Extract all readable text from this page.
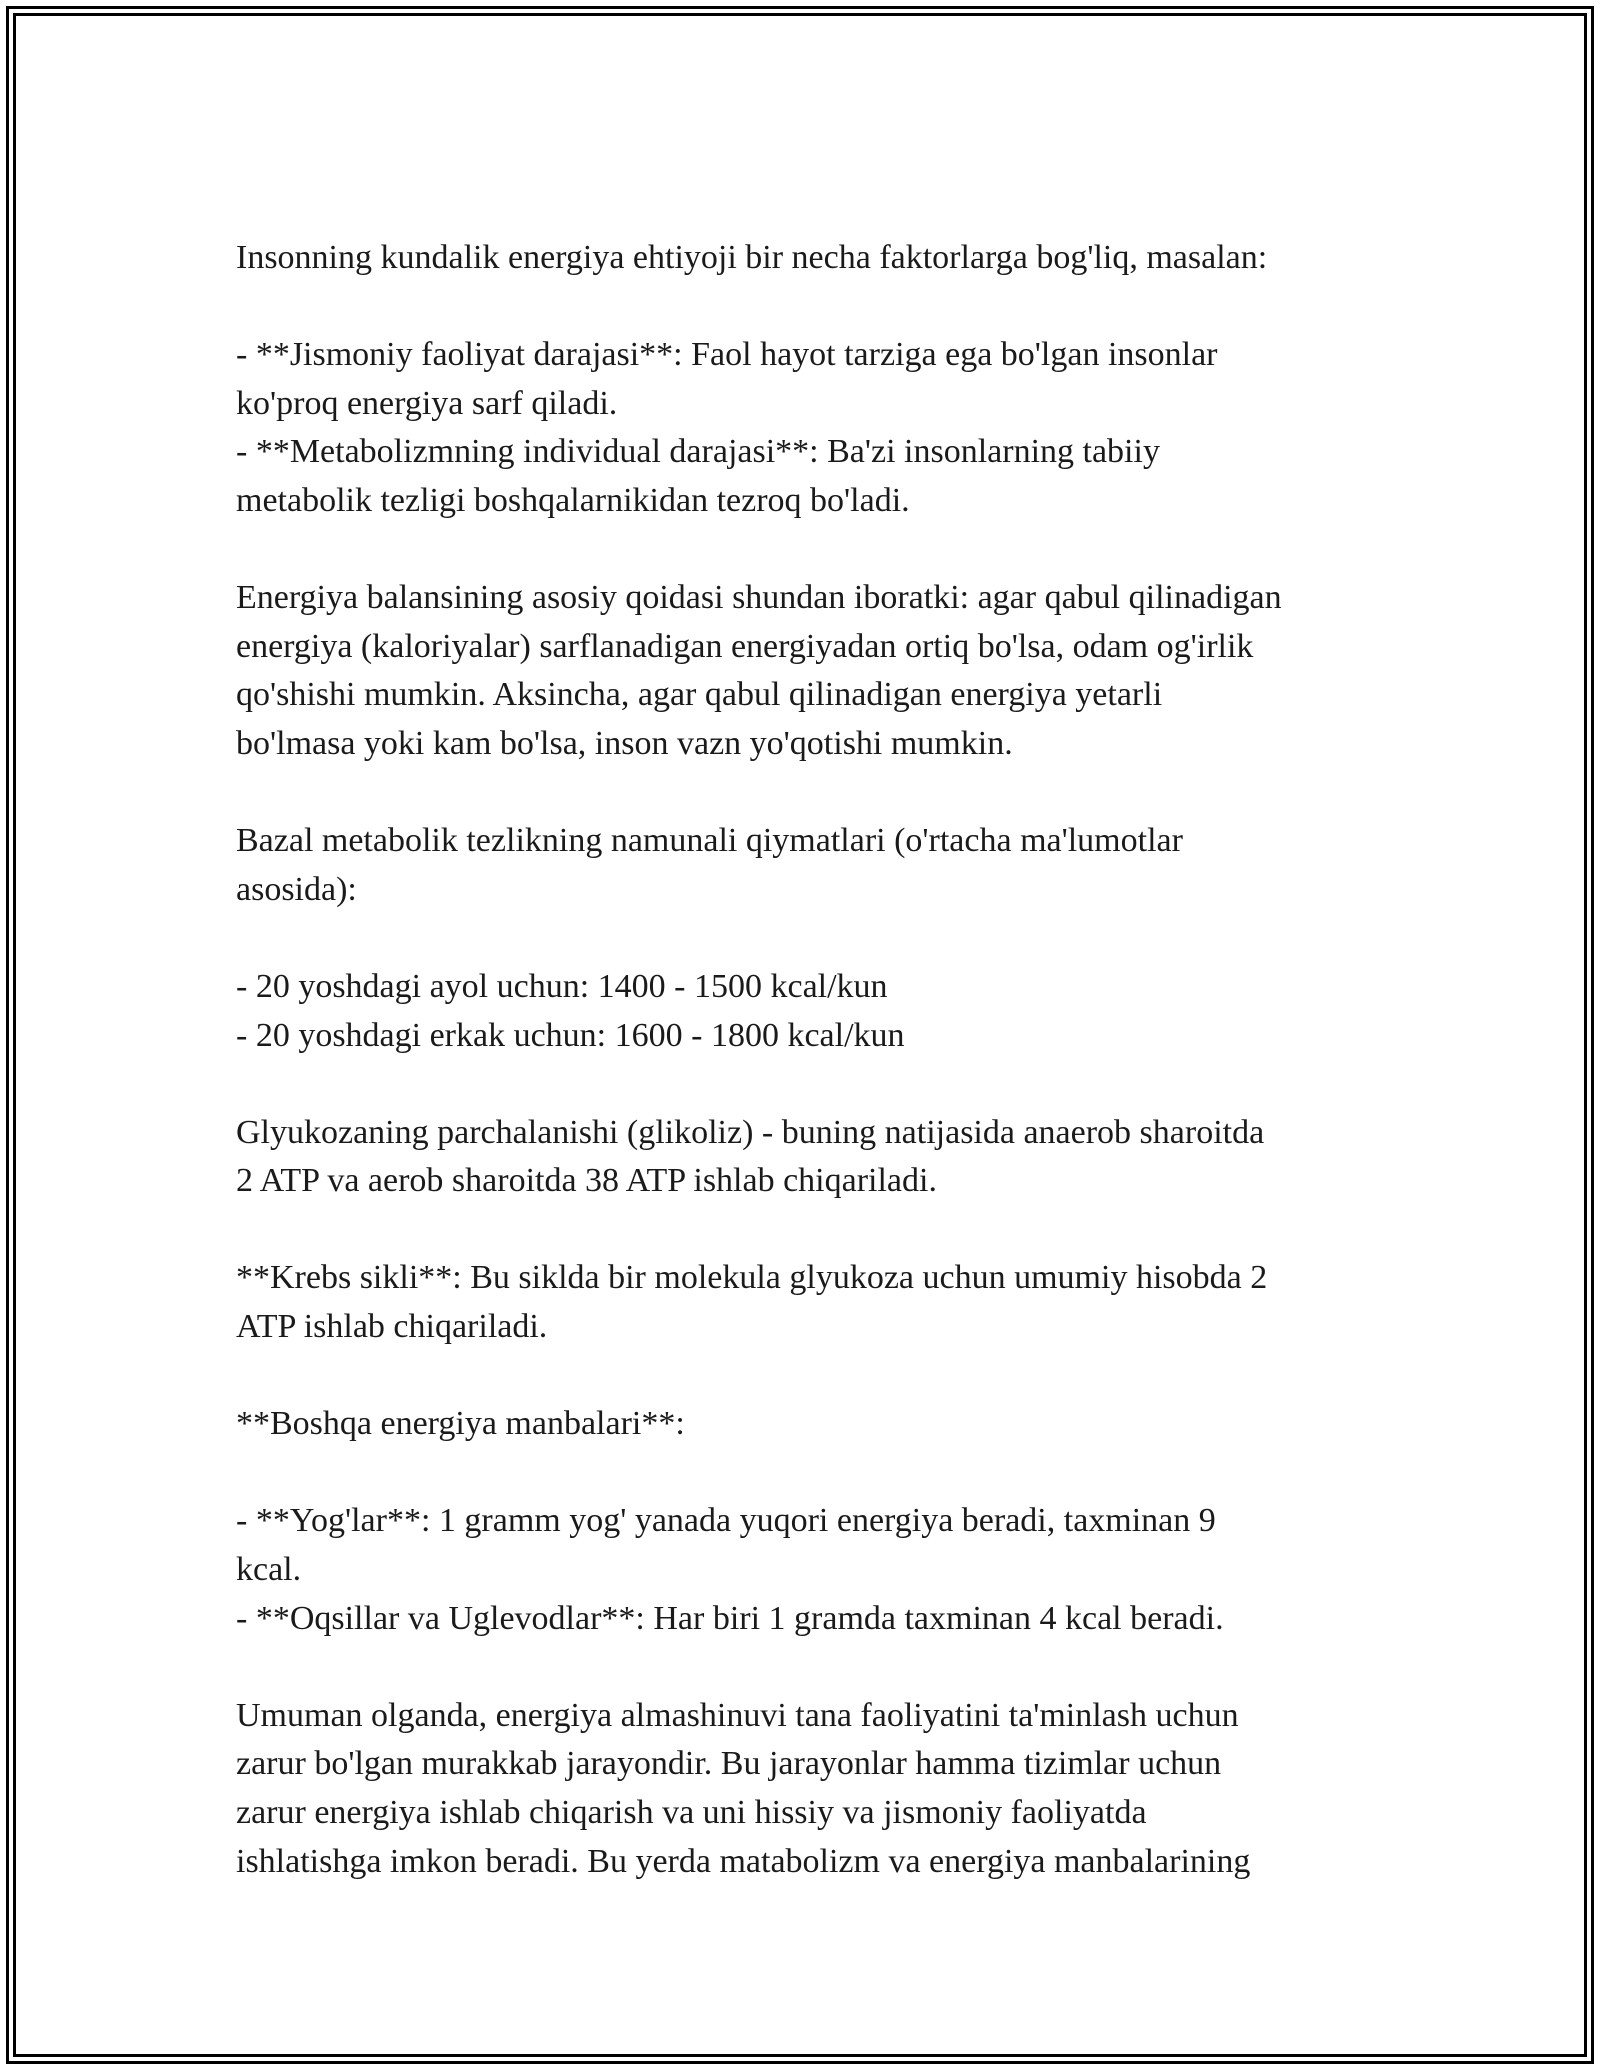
Insonning kundalik energiya ehtiyoji bir necha faktorlarga bog'liq, masalan:
- **Jismoniy faoliyat darajasi**: Faol hayot tarziga ega bo'lgan insonlar
ko'proq energiya sarf qiladi.
- **Metabolizmning individual darajasi**: Ba'zi insonlarning tabiiy
metabolik tezligi boshqalarnikidan tezroq bo'ladi.
Energiya balansining asosiy qoidasi shundan iboratki: agar qabul qilinadigan
energiya (kaloriyalar) sarflanadigan energiyadan ortiq bo'lsa, odam og'irlik
qo'shishi mumkin. Aksincha, agar qabul qilinadigan energiya yetarli
bo'lmasa yoki kam bo'lsa, inson vazn yo'qotishi mumkin.
Bazal metabolik tezlikning namunali qiymatlari (o'rtacha ma'lumotlar
asosida):
- 20 yoshdagi ayol uchun: 1400 - 1500 kcal/kun
- 20 yoshdagi erkak uchun: 1600 - 1800 kcal/kun
Glyukozaning parchalanishi (glikoliz) - buning natijasida anaerob sharoitda
2 ATP va aerob sharoitda 38 ATP ishlab chiqariladi.
**Krebs sikli**: Bu siklda bir molekula glyukoza uchun umumiy hisobda 2
ATP ishlab chiqariladi.
**Boshqa energiya manbalari**:
- **Yog'lar**: 1 gramm yog' yanada yuqori energiya beradi, taxminan 9
kcal.
- **Oqsillar va Uglevodlar**: Har biri 1 gramda taxminan 4 kcal beradi.
Umuman olganda, energiya almashinuvi tana faoliyatini ta'minlash uchun
zarur bo'lgan murakkab jarayondir. Bu jarayonlar hamma tizimlar uchun
zarur energiya ishlab chiqarish va uni hissiy va jismoniy faoliyatda
ishlatishga imkon beradi. Bu yerda matabolizm va energiya manbalarining
